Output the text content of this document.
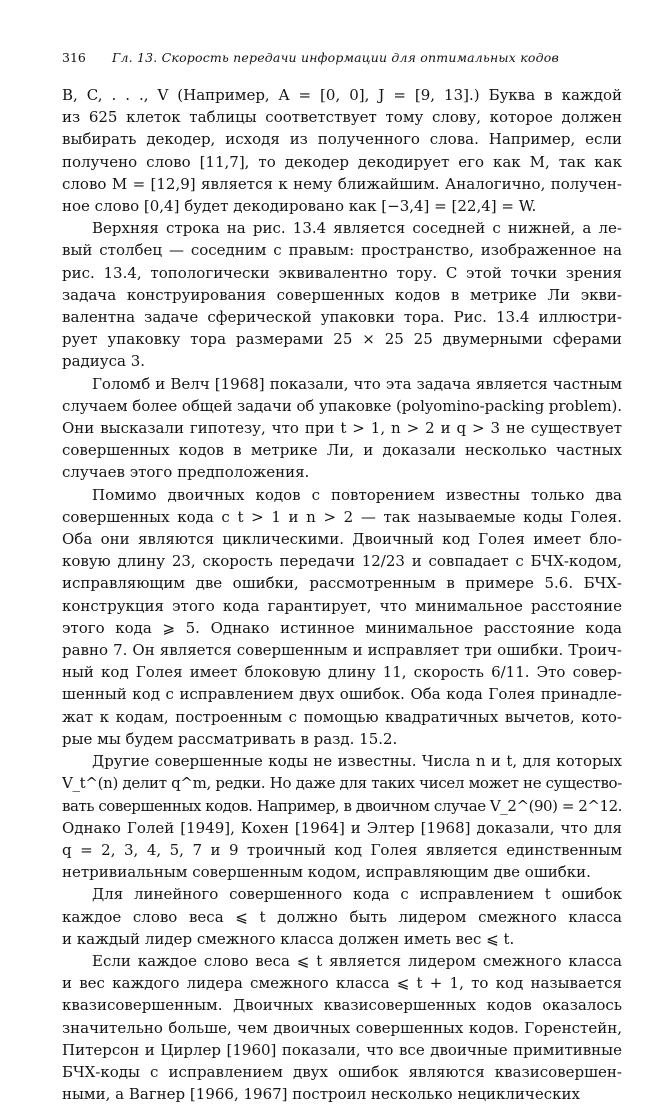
316 Гл. 13. Скорость передачи информации для оптимальных кодов
B, C, . . ., V (Например, A = [0, 0], J = [9, 13].) Буква в каждой
из 625 клеток таблицы соответствует тому слову, которое должен
выбирать декодер, исходя из полученного слова. Например, если
получено слово [11,7], то декодер декодирует его как M, так как
слово M = [12,9] является к нему ближайшим. Аналогично, получен-
ное слово [0,4] будет декодировано как [−3,4] = [22,4] = W.
Верхняя строка на рис. 13.4 является соседней с нижней, а ле-
вый столбец — соседним с правым: пространство, изображенное на
рис. 13.4, топологически эквивалентно тору. С этой точки зрения
задача конструирования совершенных кодов в метрике Ли экви-
валентна задаче сферической упаковки тора. Рис. 13.4 иллюстри-
рует упаковку тора размерами 25 × 25 25 двумерными сферами
радиуса 3.
Голомб и Велч [1968] показали, что эта задача является частным
случаем более общей задачи об упаковке (polyomino-packing problem).
Они высказали гипотезу, что при t > 1, n > 2 и q > 3 не существует
совершенных кодов в метрике Ли, и доказали несколько частных
случаев этого предположения.
Помимо двоичных кодов с повторением известны только два
совершенных кода с t > 1 и n > 2 — так называемые коды Голея.
Оба они являются циклическими. Двоичный код Голея имеет бло-
ковую длину 23, скорость передачи 12/23 и совпадает с БЧХ-кодом,
исправляющим две ошибки, рассмотренным в примере 5.6. БЧХ-
конструкция этого кода гарантирует, что минимальное расстояние
этого кода ⩾ 5. Однако истинное минимальное расстояние кода
равно 7. Он является совершенным и исправляет три ошибки. Троич-
ный код Голея имеет блоковую длину 11, скорость 6/11. Это совер-
шенный код с исправлением двух ошибок. Оба кода Голея принадле-
жат к кодам, построенным с помощью квадратичных вычетов, кото-
рые мы будем рассматривать в разд. 15.2.
Другие совершенные коды не известны. Числа n и t, для которых
V_t^(n) делит q^m, редки. Но даже для таких чисел может не существо-
вать совершенных кодов. Например, в двоичном случае V_2^(90) = 2^12.
Однако Голей [1949], Кохен [1964] и Элтер [1968] доказали, что для
q = 2, 3, 4, 5, 7 и 9 троичный код Голея является единственным
нетривиальным совершенным кодом, исправляющим две ошибки.
Для линейного совершенного кода с исправлением t ошибок
каждое слово веса ⩽ t должно быть лидером смежного класса
и каждый лидер смежного класса должен иметь вес ⩽ t.
Если каждое слово веса ⩽ t является лидером смежного класса
и вес каждого лидера смежного класса ⩽ t + 1, то код называется
квазисовершенным. Двоичных квазисовершенных кодов оказалось
значительно больше, чем двоичных совершенных кодов. Горенстейн,
Питерсон и Цирлер [1960] показали, что все двоичные примитивные
БЧХ-коды с исправлением двух ошибок являются квазисовершен-
ными, а Вагнер [1966, 1967] построил несколько нециклических
